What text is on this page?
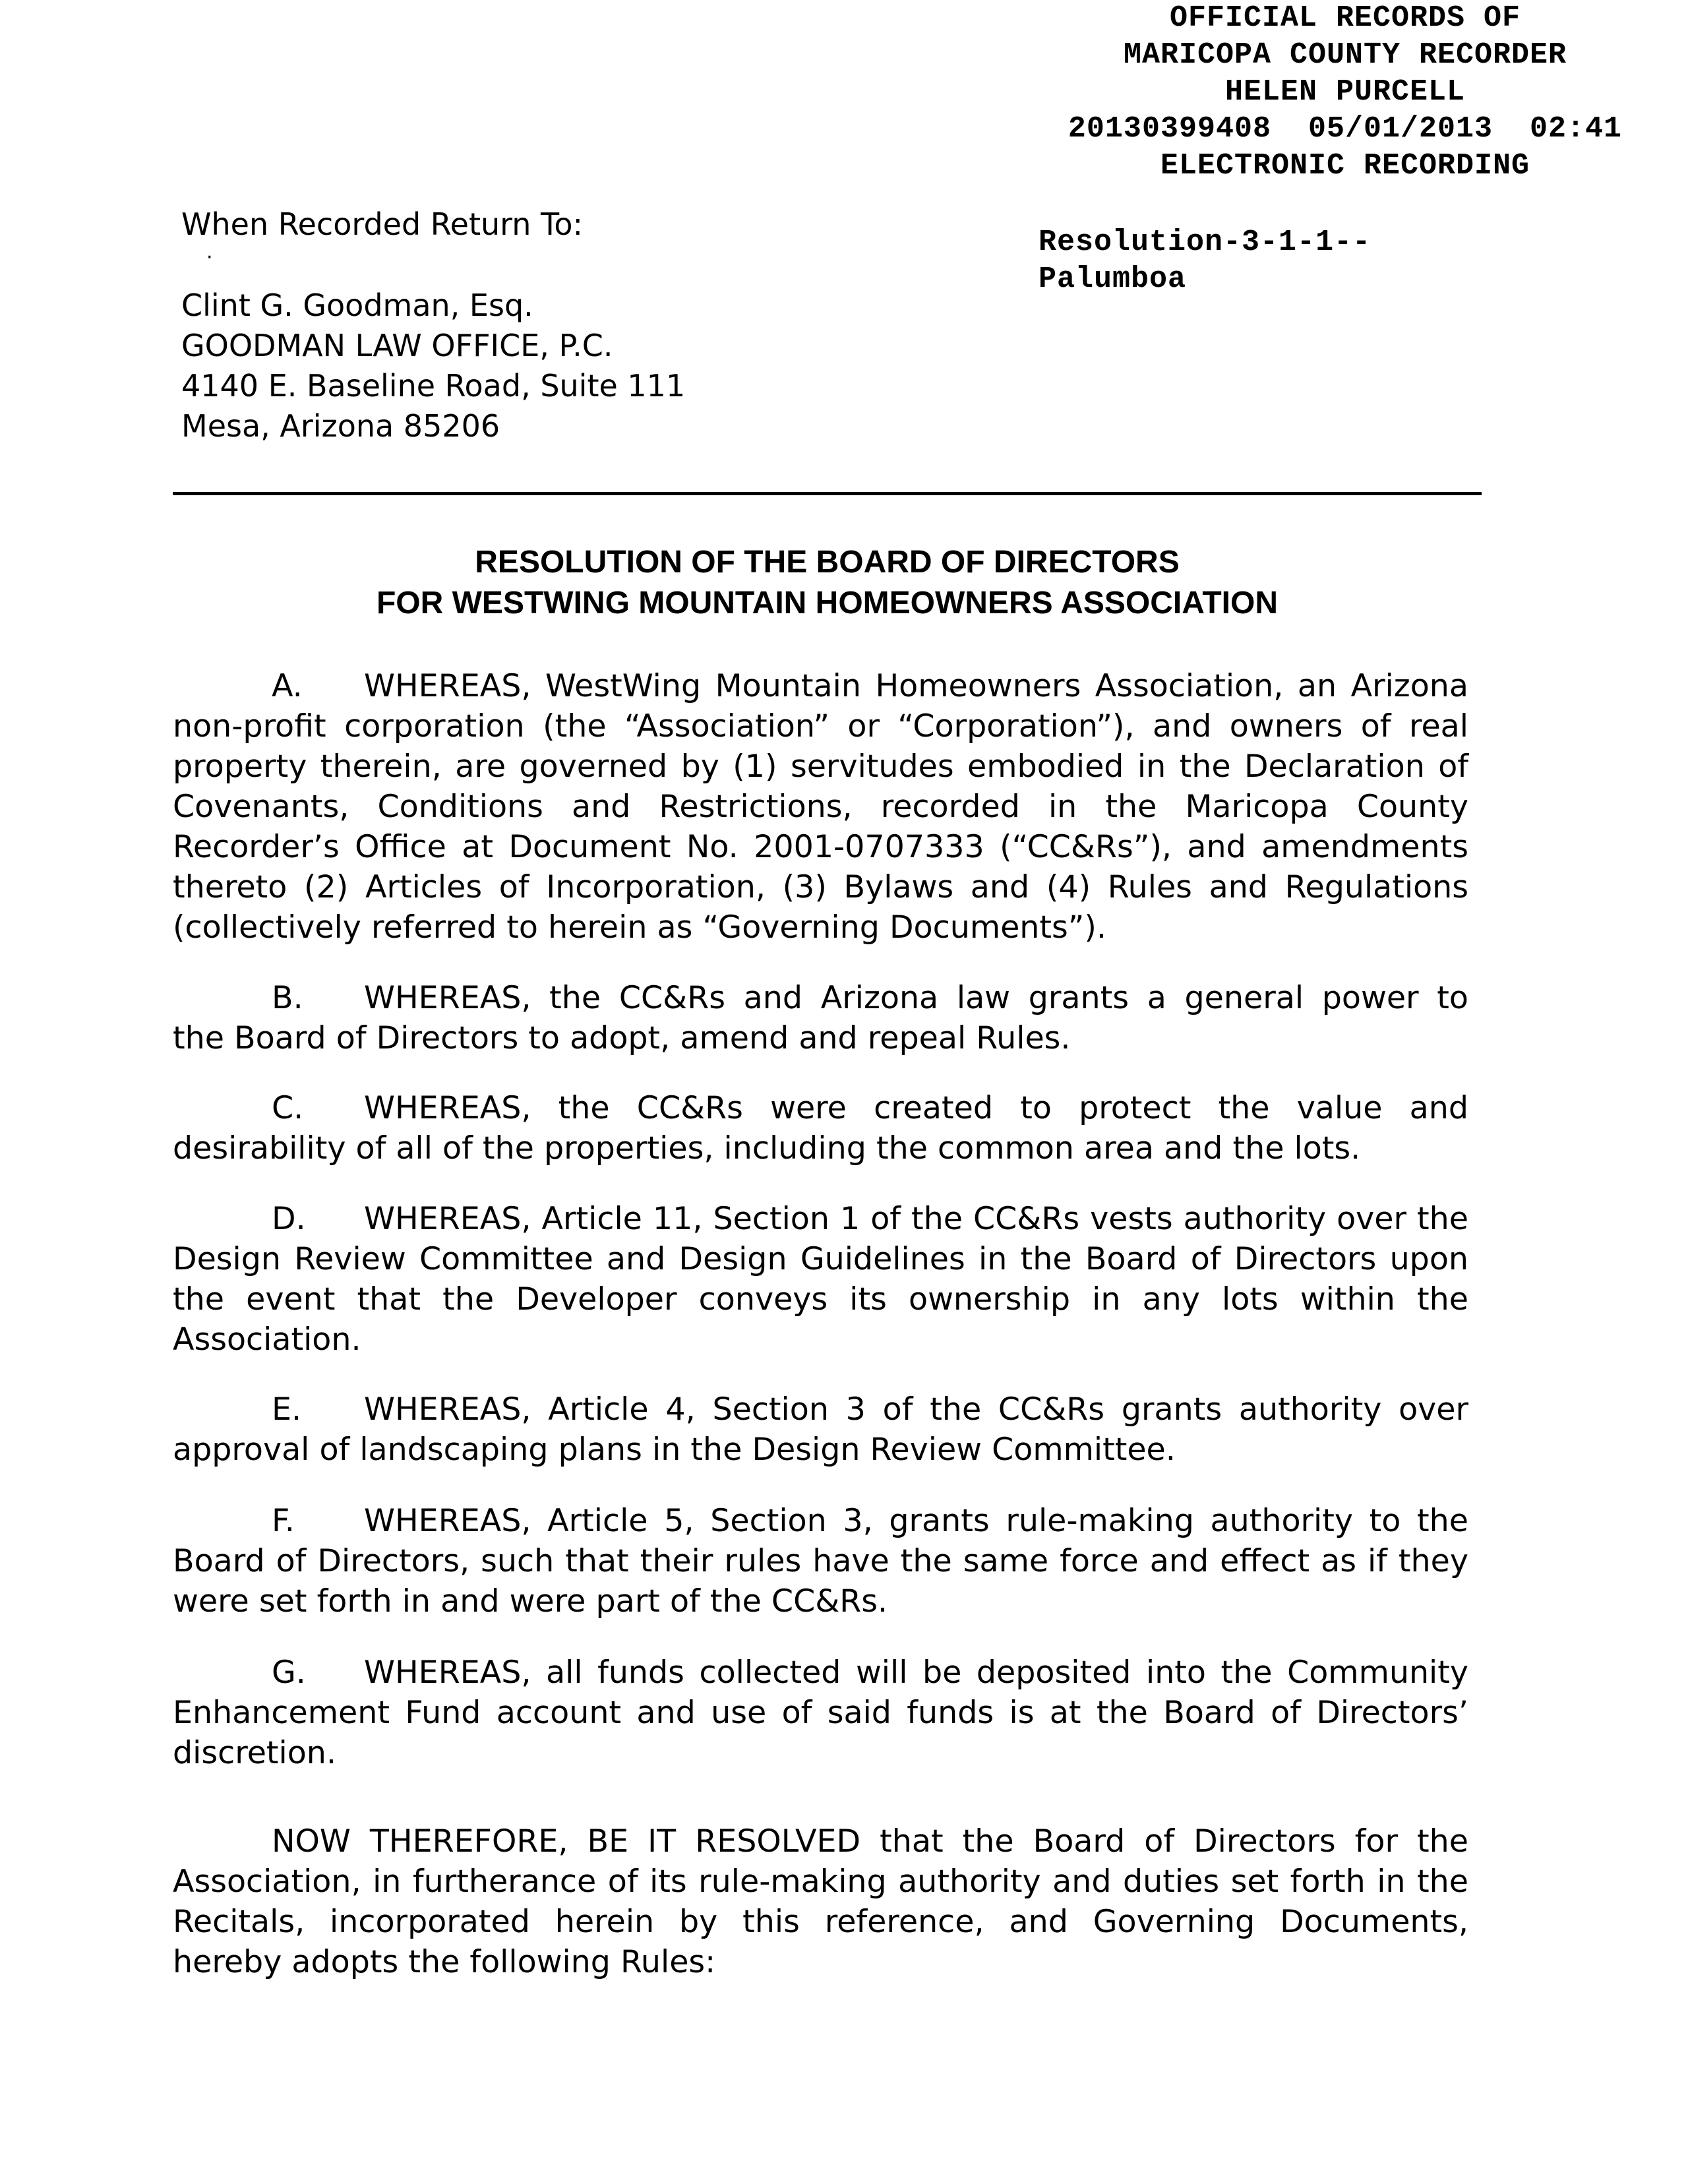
OFFICIAL RECORDS OF
MARICOPA COUNTY RECORDER
HELEN PURCELL
20130399408  05/01/2013  02:41
ELECTRONIC RECORDING
When Recorded Return To:
·
Clint G. Goodman, Esq.
GOODMAN LAW OFFICE, P.C.
4140 E. Baseline Road, Suite 111
Mesa, Arizona 85206
Resolution-3-1-1--
Palumboa
RESOLUTION OF THE BOARD OF DIRECTORS
FOR WESTWING MOUNTAIN HOMEOWNERS ASSOCIATION
A. WHEREAS, WestWing Mountain Homeowners Association, an Arizona
non-profit corporation (the “Association” or “Corporation”), and owners of real
property therein, are governed by (1) servitudes embodied in the Declaration of
Covenants, Conditions and Restrictions, recorded in the Maricopa County
Recorder’s Office at Document No. 2001-0707333 (“CC&Rs”), and amendments
thereto (2) Articles of Incorporation, (3) Bylaws and (4) Rules and Regulations
(collectively referred to herein as “Governing Documents”).
B. WHEREAS, the CC&Rs and Arizona law grants a general power to
the Board of Directors to adopt, amend and repeal Rules.
C. WHEREAS, the CC&Rs were created to protect the value and
desirability of all of the properties, including the common area and the lots.
D. WHEREAS, Article 11, Section 1 of the CC&Rs vests authority over the
Design Review Committee and Design Guidelines in the Board of Directors upon
the event that the Developer conveys its ownership in any lots within the
Association.
E. WHEREAS, Article 4, Section 3 of the CC&Rs grants authority over
approval of landscaping plans in the Design Review Committee.
F. WHEREAS, Article 5, Section 3, grants rule-making authority to the
Board of Directors, such that their rules have the same force and effect as if they
were set forth in and were part of the CC&Rs.
G. WHEREAS, all funds collected will be deposited into the Community
Enhancement Fund account and use of said funds is at the Board of Directors’
discretion.
NOW THEREFORE, BE IT RESOLVED that the Board of Directors for the
Association, in furtherance of its rule-making authority and duties set forth in the
Recitals, incorporated herein by this reference, and Governing Documents,
hereby adopts the following Rules:
